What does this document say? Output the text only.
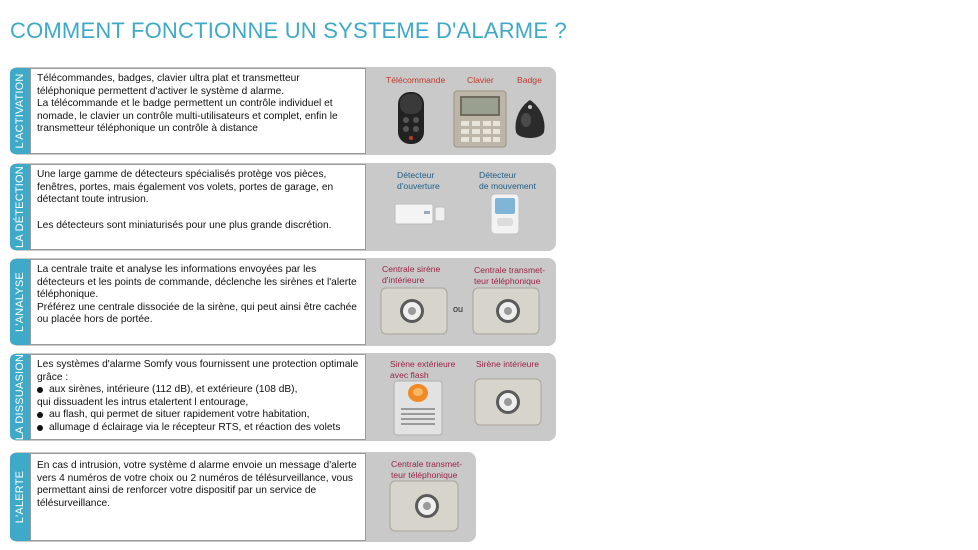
COMMENT FONCTIONNE UN SYSTEME D'ALARME ?
L'ACTIVATION Télécommandes, badges, clavier ultra plat et transmetteur téléphonique permettent d'activer le système d alarme.

La télécommande et le badge permettent un contrôle individuel et nomade, le clavier un contrôle multi-utilisateurs et complet, enfin le transmetteur téléphonique un contrôle à distance

Télécommande	Clavier	Badge
LA DÉTECTION Une large gamme de détecteurs spécialisés protège vos pièces, fenêtres, portes, mais également vos volets, portes de garage, en détectant toute intrusion.

Les détecteurs sont miniaturisés pour une plus grande discrétion.

Détecteur
d'ouverture
Détecteur
de mouvement
L'ANALYSE

La centrale traite et analyse les informations envoyées par les détecteurs et les points de commande, déclenche les sirènes et l'alerte téléphonique.

Préférez une centrale dissociée de la sirène, qui peut ainsi être cachée ou placée hors de portée.

Centrale sirène
d'intérieure
Centrale transmet-
teur téléphonique
ou
LA DISSUASION Les systèmes d'alarme Somfy vous fournissent une protection optimale grâce :

aux sirènes, intérieure (112 dB), et extérieure (108 dB),

qui dissuadent les intrus etalertent l entourage,

au flash, qui permet de situer rapidement votre habitation,
allumage d éclairage via le récepteur RTS, et réaction des volets
Sirène extérieure
avec flash
Sirène intérieure
L'ALERTE

En cas d intrusion, votre système d alarme envoie un message d'alerte vers 4 numéros de votre choix ou 2 numéros de télésurveillance, vous permettant ainsi de renforcer votre dispositif par un service de télésurveillance.

Centrale transmet-
teur téléphonique
